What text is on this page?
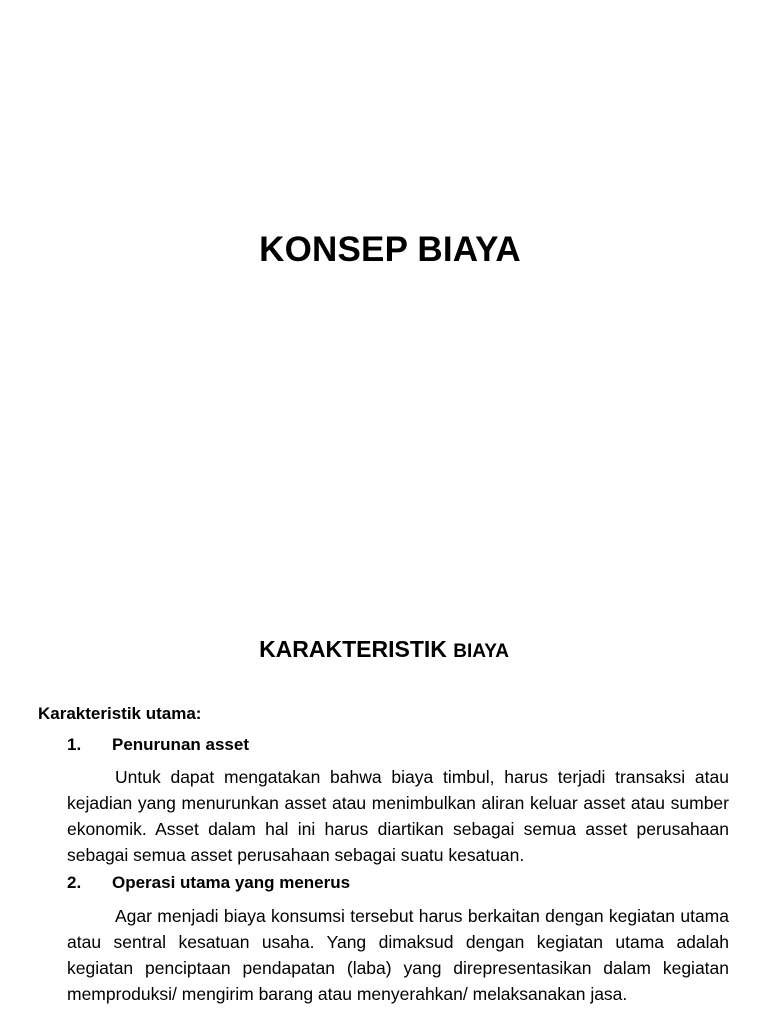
KONSEP BIAYA
KARAKTERISTIK BIAYA
Karakteristik utama:
1. Penurunan asset

Untuk dapat mengatakan bahwa biaya timbul, harus terjadi transaksi atau kejadian yang menurunkan asset atau menimbulkan aliran keluar asset atau sumber ekonomik. Asset dalam hal ini harus diartikan sebagai semua asset perusahaan sebagai semua asset perusahaan sebagai suatu kesatuan.

2. Operasi utama yang menerus

Agar menjadi biaya konsumsi tersebut harus berkaitan dengan kegiatan utama atau sentral kesatuan usaha. Yang dimaksud dengan kegiatan utama adalah kegiatan penciptaan pendapatan (laba) yang direpresentasikan dalam kegiatan memproduksi/ mengirim barang atau menyerahkan/ melaksanakan jasa.
